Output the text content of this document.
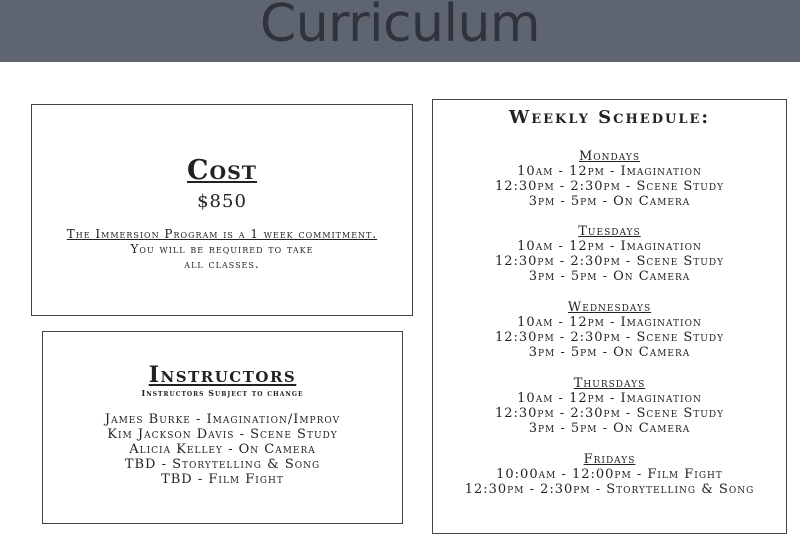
Curriculum
Cost
$850
The Immersion Program is a 1 week commitment.
You will be required to take
all classes.
Instructors
Instructors Subject to change
James Burke - Imagination/Improv
Kim Jackson Davis - Scene Study
Alicia Kelley - On Camera
TBD - Storytelling & Song
TBD - Film Fight
Weekly Schedule:
Mondays
10am - 12pm - Imagination
12:30pm - 2:30pm - Scene Study
3pm - 5pm - On Camera
Tuesdays
10am - 12pm - Imagination
12:30pm - 2:30pm - Scene Study
3pm - 5pm - On Camera
Wednesdays
10am - 12pm - Imagination
12:30pm - 2:30pm - Scene Study
3pm - 5pm - On Camera
Thursdays
10am - 12pm - Imagination
12:30pm - 2:30pm - Scene Study
3pm - 5pm - On Camera
Fridays
10:00am - 12:00pm - Film Fight
12:30pm - 2:30pm - Storytelling & Song
